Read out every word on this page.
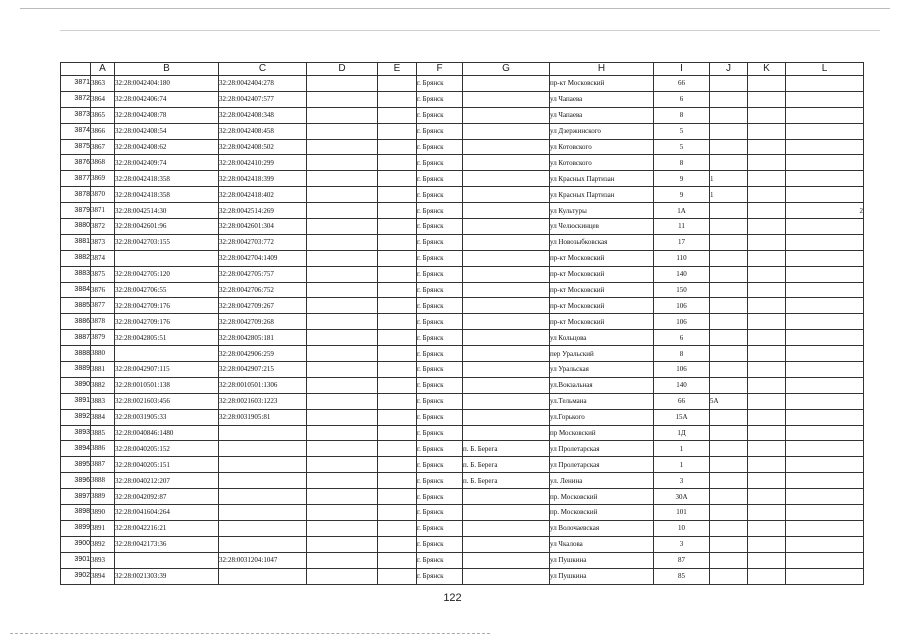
	A	B	C	D	E	F	G	H	I	J	K	L
3871	3863	32:28:0042404:180	32:28:0042404:278			г. Брянск		пр-кт Московский	66			
3872	3864	32:28:0042406:74	32:28:0042407:577			г. Брянск		ул Чапаева	6			
3873	3865	32:28:0042408:78	32:28:0042408:348			г. Брянск		ул Чапаева	8			
3874	3866	32:28:0042408:54	32:28:0042408:458			г. Брянск		ул Дзержинского	5			
3875	3867	32:28:0042408:62	32:28:0042408:502			г. Брянск		ул Котовского	5			
3876	3868	32:28:0042409:74	32:28:0042410:299			г. Брянск		ул Котовского	8			
3877	3869	32:28:0042418:358	32:28:0042418:399			г. Брянск		ул Красных Партизан	9	1		
3878	3870	32:28:0042418:358	32:28:0042418:402			г. Брянск		ул Красных Партизан	9	1		
3879	3871	32:28:0042514:30	32:28:0042514:269			г. Брянск		ул Культуры	1А			2
3880	3872	32:28:0042601:96	32:28:0042601:304			г. Брянск		ул Челюскинцев	11			
3881	3873	32:28:0042703:155	32:28:0042703:772			г. Брянск		ул Новозыбковская	17			
3882	3874		32:28:0042704:1409			г. Брянск		пр-кт Московский	110			
3883	3875	32:28:0042705:120	32:28:0042705:757			г. Брянск		пр-кт Московский	140			
3884	3876	32:28:0042706:55	32:28:0042706:752			г. Брянск		пр-кт Московский	150			
3885	3877	32:28:0042709:176	32:28:0042709:267			г. Брянск		пр-кт Московский	106			
3886	3878	32:28:0042709:176	32:28:0042709:268			г. Брянск		пр-кт Московский	106			
3887	3879	32:28:0042805:51	32:28:0042805:181			г. Брянск		ул Кольцова	6			
3888	3880		32:28:0042906:259			г. Брянск		пер Уральский	8			
3889	3881	32:28:0042907:115	32:28:0042907:215			г. Брянск		ул Уральская	106			
3890	3882	32:28:0010501:138	32:28:0010501:1306			г. Брянск		ул.Вокзальная	140			
3891	3883	32:28:0021603:456	32:28:0021603:1223			г. Брянск		ул.Тельмана	66	5А		
3892	3884	32:28:0031905:33	32:28:0031905:81			г. Брянск		ул.Горького	15А			
3893	3885	32:28:0040846:1480				г. Брянск		пр Московский	1Д			
3894	3886	32:28:0040205:152				г. Брянск	п. Б. Берега	ул Пролетарская	1			
3895	3887	32:28:0040205:151				г. Брянск	п. Б. Берега	ул Пролетарская	1			
3896	3888	32:28:0040212:207				г. Брянск	п. Б. Берега	ул. Ленина	3			
3897	3889	32:28:0042092:87				г. Брянск		пр. Московский	30А			
3898	3890	32:28:0041604:264				г. Брянск		пр. Московский	101			
3899	3891	32:28:0042216:21				г. Брянск		ул Волочаевская	10			
3900	3892	32:28:0042173:36				г. Брянск		ул Чкалова	3			
3901	3893		32:28:0031204:1047			г. Брянск		ул Пушкина	87			
3902	3894	32:28:0021303:39				г. Брянск		ул Пушкина	85			
122
